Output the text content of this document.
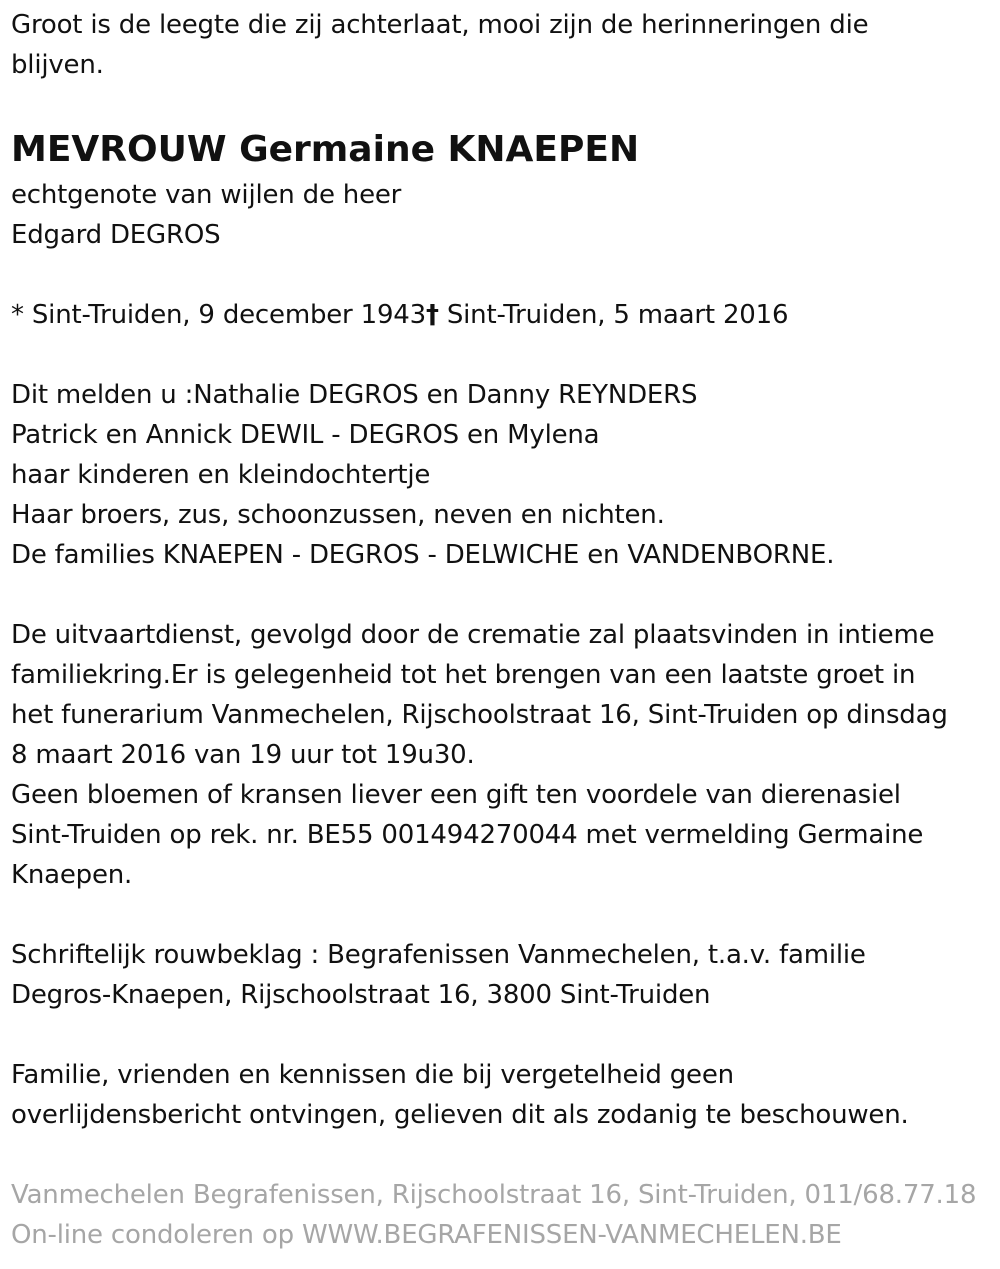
Groot is de leegte die zij achterlaat, mooi zijn de herinneringen die
blijven.
MEVROUW Germaine KNAEPEN
echtgenote van wijlen de heer
Edgard DEGROS
* Sint-Truiden, 9 december 1943† Sint-Truiden, 5 maart 2016
Dit melden u :Nathalie DEGROS en Danny REYNDERS
Patrick en Annick DEWIL - DEGROS en Mylena
haar kinderen en kleindochtertje
Haar broers, zus, schoonzussen, neven en nichten.
De families KNAEPEN - DEGROS - DELWICHE en VANDENBORNE.
De uitvaartdienst, gevolgd door de crematie zal plaatsvinden in intieme
familiekring.Er is gelegenheid tot het brengen van een laatste groet in
het funerarium Vanmechelen, Rijschoolstraat 16, Sint-Truiden op dinsdag
8 maart 2016 van 19 uur tot 19u30.
Geen bloemen of kransen liever een gift ten voordele van dierenasiel
Sint-Truiden op rek. nr. BE55 001494270044 met vermelding Germaine
Knaepen.
Schriftelijk rouwbeklag : Begrafenissen Vanmechelen, t.a.v. familie
Degros-Knaepen, Rijschoolstraat 16, 3800 Sint-Truiden
Familie, vrienden en kennissen die bij vergetelheid geen
overlijdensbericht ontvingen, gelieven dit als zodanig te beschouwen.
Vanmechelen Begrafenissen, Rijschoolstraat 16, Sint-Truiden, 011/68.77.18
On-line condoleren op WWW.BEGRAFENISSEN-VANMECHELEN.BE
